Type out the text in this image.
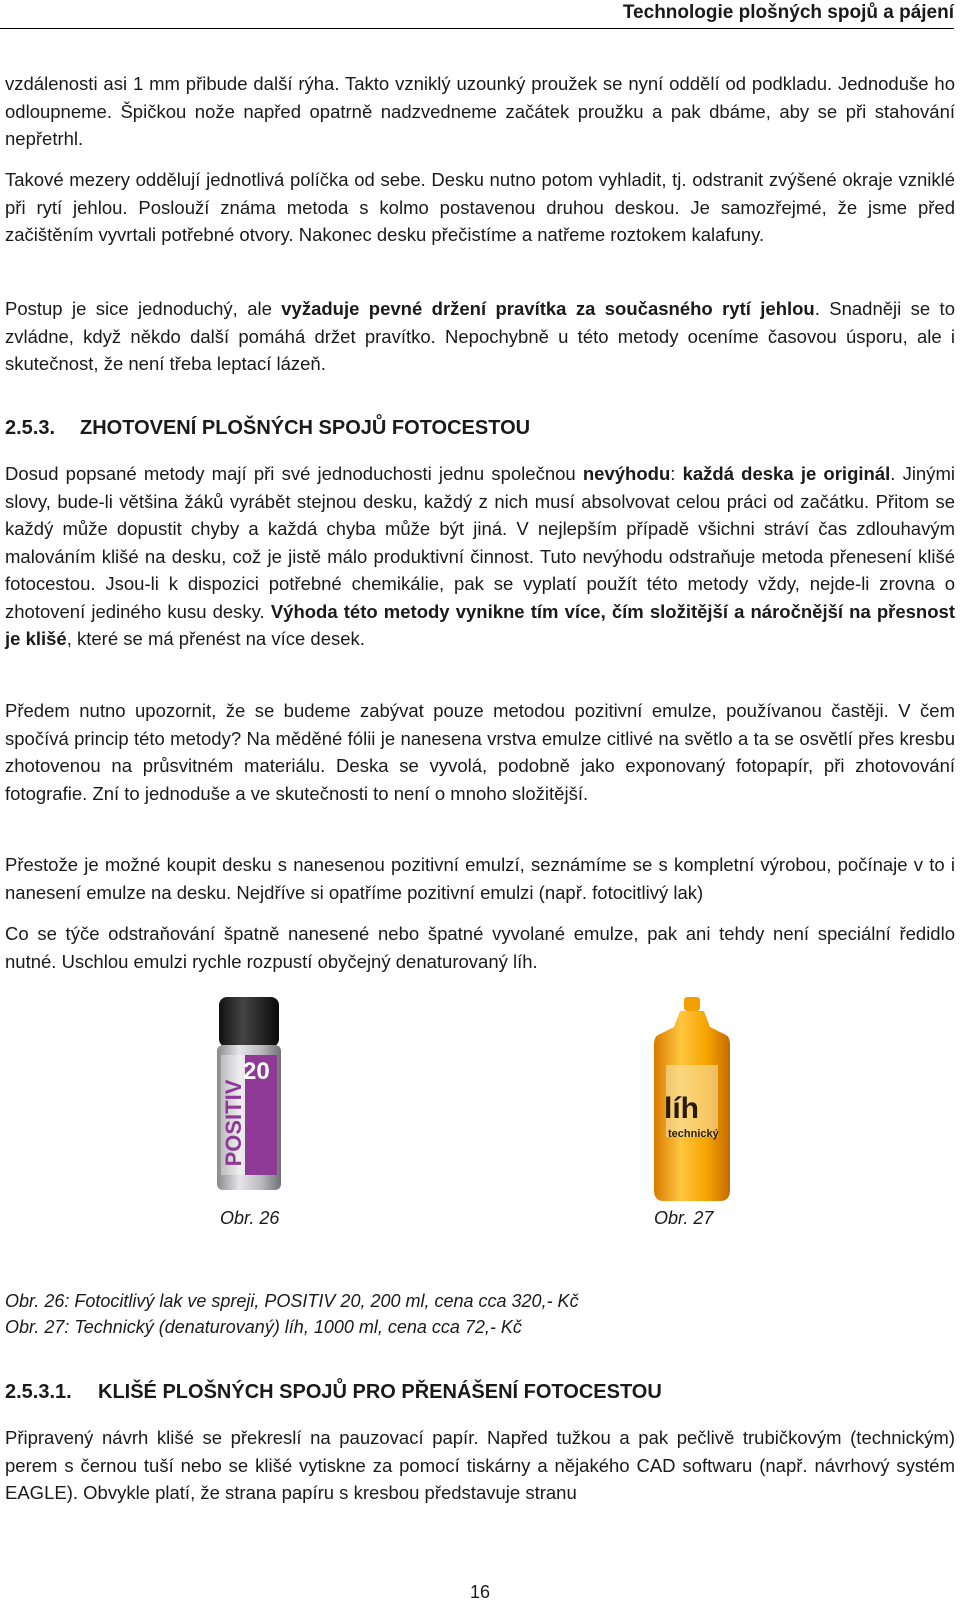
Technologie plošných spojů a pájení

vzdálenosti asi 1 mm přibude další rýha. Takto vzniklý uzounký proužek se nyní oddělí od podkladu. Jednoduše ho odloupneme. Špičkou nože napřed opatrně nadzvedneme začátek proužku a pak dbáme, aby se při stahování nepřetrhl.

Takové mezery oddělují jednotlivá políčka od sebe. Desku nutno potom vyhladit, tj. odstranit zvýšené okraje vzniklé při rytí jehlou. Poslouží známa metoda s kolmo postavenou druhou deskou. Je samozřejmé, že jsme před začištěním vyvrtali potřebné otvory. Nakonec desku přečistíme a natřeme roztokem kalafuny.

Postup je sice jednoduchý, ale vyžaduje pevné držení pravítka za současného rytí jehlou. Snadněji se to zvládne, když někdo další pomáhá držet pravítko. Nepochybně u této metody oceníme časovou úsporu, ale i skutečnost, že není třeba leptací lázeň.

2.5.3. ZHOTOVENÍ PLOŠNÝCH SPOJŮ FOTOCESTOU

Dosud popsané metody mají při své jednoduchosti jednu společnou nevýhodu: každá deska je originál. Jinými slovy, bude-li většina žáků vyrábět stejnou desku, každý z nich musí absolvovat celou práci od začátku. Přitom se každý může dopustit chyby a každá chyba může být jiná. V nejlepším případě všichni stráví čas zdlouhavým malováním klišé na desku, což je jistě málo produktivní činnost. Tuto nevýhodu odstraňuje metoda přenesení klišé fotocestou. Jsou-li k dispozici potřebné chemikálie, pak se vyplatí použít této metody vždy, nejde-li zrovna o zhotovení jediného kusu desky. Výhoda této metody vynikne tím více, čím složitější a náročnější na přesnost je klišé, které se má přenést na více desek.

Předem nutno upozornit, že se budeme zabývat pouze metodou pozitivní emulze, používanou častěji. V čem spočívá princip této metody? Na měděné fólii je nanesena vrstva emulze citlivé na světlo a ta se osvětlí přes kresbu zhotovenou na průsvitném materiálu. Deska se vyvolá, podobně jako exponovaný fotopapír, při zhotovování fotografie. Zní to jednoduše a ve skutečnosti to není o mnoho složitější.

Přestože je možné koupit desku s nanesenou pozitivní emulzí, seznámíme se s kompletní výrobou, počínaje v to i nanesení emulze na desku. Nejdříve si opatříme pozitivní emulzi (např. fotocitlivý lak)

Co se týče odstraňování špatně nanesené nebo špatné vyvolané emulze, pak ani tehdy není speciální ředidlo nutné. Uschlou emulzi rychle rozpustí obyčejný denaturovaný líh.

POSITIV
20
líh
technický
Obr. 26	Obr. 27
Obr. 26: Fotocitlivý lak ve spreji, POSITIV 20, 200 ml, cena cca 320,- Kč
Obr. 27: Technický (denaturovaný) líh, 1000 ml, cena cca 72,- Kč
2.5.3.1. KLIŠÉ PLOŠNÝCH SPOJŮ PRO PŘENÁŠENÍ FOTOCESTOU

Připravený návrh klišé se překreslí na pauzovací papír. Napřed tužkou a pak pečlivě trubičkovým (technickým) perem s černou tuší nebo se klišé vytiskne za pomocí tiskárny a nějakého CAD softwaru (např. návrhový systém EAGLE). Obvykle platí, že strana papíru s kresbou představuje stranu

16
